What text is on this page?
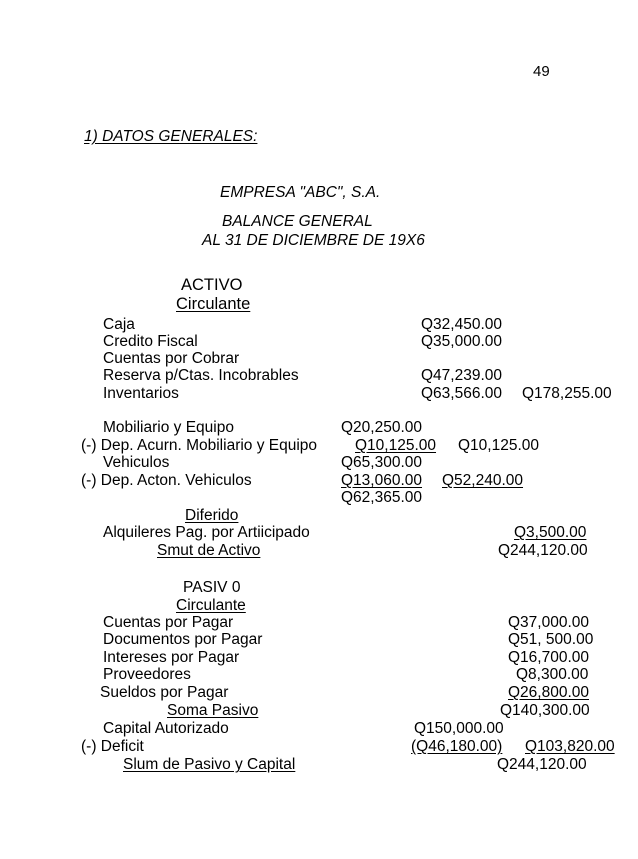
49
1) DATOS GENERALES:
EMPRESA "ABC", S.A.
BALANCE GENERAL
AL 31 DE DICIEMBRE DE 19X6
ACTIVO
Circulante
Caja	Q32,450.00
Credito Fiscal	Q35,000.00
Cuentas por Cobrar
Reserva p/Ctas. Incobrables	Q47,239.00
Inventarios	Q63,566.00 Q178,255.00
Mobiliario y Equipo	Q20,250.00
(-) Dep. Acurn. Mobiliario y Equipo Q10,125.00 Q10,125.00
Vehiculos	Q65,300.00
(-) Dep. Acton. Vehiculos	Q13,060.00 Q52,240.00
Q62,365.00
Diferido
Alquileres Pag. por Artiicipado	Q3,500.00
Smut de Activo	Q244,120.00
PASIV 0
Circulante
Cuentas por Pagar	Q37,000.00
Documentos por Pagar	Q51, 500.00
Intereses por Pagar	Q16,700.00
Proveedores	Q8,300.00
Sueldos por Pagar	Q26,800.00
Soma Pasivo	Q140,300.00
Capital Autorizado	Q150,000.00
(-) Deficit	(Q46,180.00) Q103,820.00
Slum de Pasivo y Capital	Q244,120.00
